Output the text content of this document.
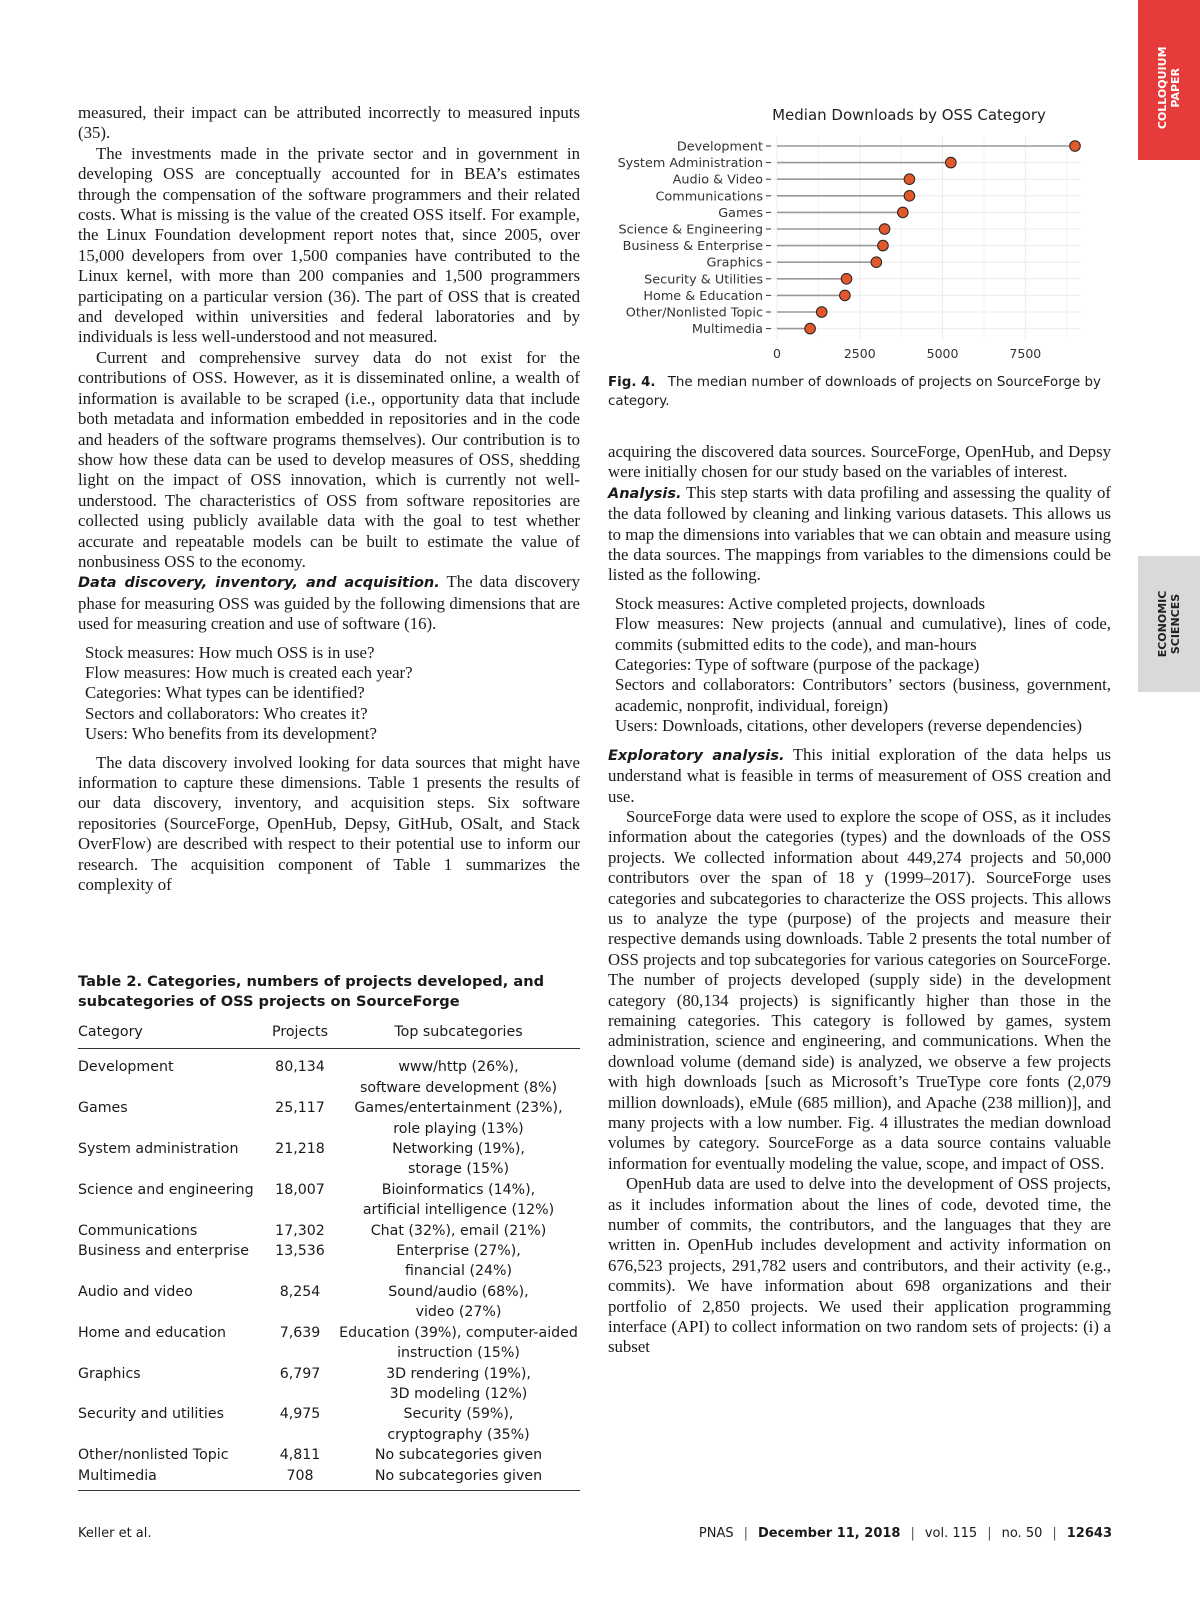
COLLOQUIUM PAPER
ECONOMIC SCIENCES

measured, their impact can be attributed incorrectly to measured inputs (35).

The investments made in the private sector and in government in developing OSS are conceptually accounted for in BEA’s estimates through the compensation of the software programmers and their related costs. What is missing is the value of the created OSS itself. For example, the Linux Foundation development report notes that, since 2005, over 15,000 developers from over 1,500 companies have contributed to the Linux kernel, with more than 200 companies and 1,500 programmers participating on a particular version (36). The part of OSS that is created and developed within universities and federal laboratories and by individuals is less well-understood and not measured.

Current and comprehensive survey data do not exist for the contributions of OSS. However, as it is disseminated online, a wealth of information is available to be scraped (i.e., opportunity data that include both metadata and information embedded in repositories and in the code and headers of the software programs themselves). Our contribution is to show how these data can be used to develop measures of OSS, shedding light on the impact of OSS innovation, which is currently not well-understood. The characteristics of OSS from software repositories are collected using publicly available data with the goal to test whether accurate and repeatable models can be built to estimate the value of nonbusiness OSS to the economy.

Data discovery, inventory, and acquisition. The data discovery phase for measuring OSS was guided by the following dimensions that are used for measuring creation and use of software (16).

Stock measures: How much OSS is in use?
Flow measures: How much is created each year?
Categories: What types can be identified?
Sectors and collaborators: Who creates it?
Users: Who benefits from its development?

The data discovery involved looking for data sources that might have information to capture these dimensions. Table 1 presents the results of our data discovery, inventory, and acquisition steps. Six software repositories (SourceForge, OpenHub, Depsy, GitHub, OSalt, and Stack OverFlow) are described with respect to their potential use to inform our research. The acquisition component of Table 1 summarizes the complexity of

Table 2. Categories, numbers of projects developed, and subcategories of OSS projects on SourceForge
Category	Projects	Top subcategories
Development	80,134	www/http (26%),
software development (8%)

Games	25,117	Games/entertainment (23%),
role playing (13%)

System administration	21,218	Networking (19%),
storage (15%)

Science and engineering	18,007	Bioinformatics (14%),
artificial intelligence (12%)

Communications	17,302	Chat (32%), email (21%)

Business and enterprise	13,536	Enterprise (27%),
financial (24%)

Audio and video	8,254	Sound/audio (68%),
video (27%)

Home and education	7,639	Education (39%), computer-aided
instruction (15%)

Graphics	6,797	3D rendering (19%),
3D modeling (12%)

Security and utilities	4,975	Security (59%),
cryptography (35%)

Other/nonlisted Topic	4,811	No subcategories given

Multimedia	708	No subcategories given
Median Downloads by OSS Category
Development
System Administration
Audio & Video
Communications
Games
Science & Engineering
Business & Enterprise
Graphics
Security & Utilities
Home & Education
Other/Nonlisted Topic
Multimedia
0	2500	5000	7500
Fig. 4. The median number of downloads of projects on SourceForge by category.

acquiring the discovered data sources. SourceForge, OpenHub, and Depsy were initially chosen for our study based on the variables of interest.

Analysis. This step starts with data profiling and assessing the quality of the data followed by cleaning and linking various datasets. This allows us to map the dimensions into variables that we can obtain and measure using the data sources. The mappings from variables to the dimensions could be listed as the following.

Stock measures: Active completed projects, downloads
Flow measures: New projects (annual and cumulative), lines of code, commits (submitted edits to the code), and man-hours
Categories: Type of software (purpose of the package)
Sectors and collaborators: Contributors’ sectors (business, government, academic, nonprofit, individual, foreign)
Users: Downloads, citations, other developers (reverse dependencies)

Exploratory analysis. This initial exploration of the data helps us understand what is feasible in terms of measurement of OSS creation and use.

SourceForge data were used to explore the scope of OSS, as it includes information about the categories (types) and the downloads of the OSS projects. We collected information about 449,274 projects and 50,000 contributors over the span of 18 y (1999–2017). SourceForge uses categories and subcategories to characterize the OSS projects. This allows us to analyze the type (purpose) of the projects and measure their respective demands using downloads. Table 2 presents the total number of OSS projects and top subcategories for various categories on SourceForge. The number of projects developed (supply side) in the development category (80,134 projects) is significantly higher than those in the remaining categories. This category is followed by games, system administration, science and engineering, and communications. When the download volume (demand side) is analyzed, we observe a few projects with high downloads [such as Microsoft’s TrueType core fonts (2,079 million downloads), eMule (685 million), and Apache (238 million)], and many projects with a low number. Fig. 4 illustrates the median download volumes by category. SourceForge as a data source contains valuable information for eventually modeling the value, scope, and impact of OSS.

OpenHub data are used to delve into the development of OSS projects, as it includes information about the lines of code, devoted time, the number of commits, the contributors, and the languages that they are written in. OpenHub includes development and activity information on 676,523 projects, 291,782 users and contributors, and their activity (e.g., commits). We have information about 698 organizations and their portfolio of 2,850 projects. We used their application programming interface (API) to collect information on two random sets of projects: (i) a subset

Keller et al.	PNAS | December 11, 2018 | vol. 115 | no. 50 | 12643
